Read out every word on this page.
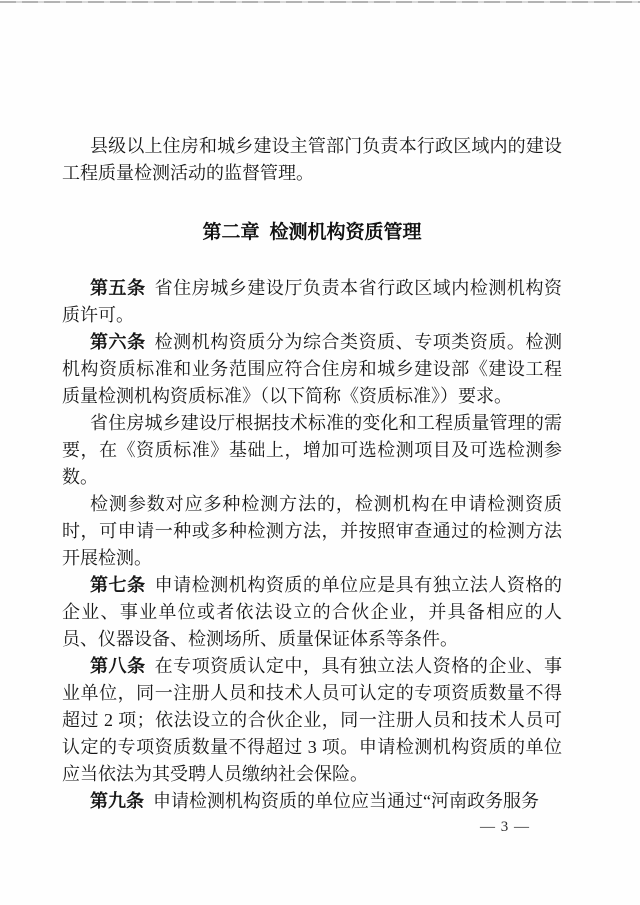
县级以上住房和城乡建设主管部门负责本行政区域内的建设工程质量检测活动的监督管理。

第二章 检测机构资质管理

第五条 省住房城乡建设厅负责本省行政区域内检测机构资质许可。

第六条 检测机构资质分为综合类资质、专项类资质。检测机构资质标准和业务范围应符合住房和城乡建设部《建设工程质量检测机构资质标准》（以下简称《资质标准》）要求。

省住房城乡建设厅根据技术标准的变化和工程质量管理的需要，在《资质标准》基础上，增加可选检测项目及可选检测参数。

检测参数对应多种检测方法的，检测机构在申请检测资质时，可申请一种或多种检测方法，并按照审查通过的检测方法开展检测。

第七条 申请检测机构资质的单位应是具有独立法人资格的企业、事业单位或者依法设立的合伙企业，并具备相应的人员、仪器设备、检测场所、质量保证体系等条件。

第八条 在专项资质认定中，具有独立法人资格的企业、事业单位，同一注册人员和技术人员可认定的专项资质数量不得超过 2 项；依法设立的合伙企业，同一注册人员和技术人员可认定的专项资质数量不得超过 3 项。申请检测机构资质的单位应当依法为其受聘人员缴纳社会保险。

第九条 申请检测机构资质的单位应当通过“河南政务服务

— 3 —
